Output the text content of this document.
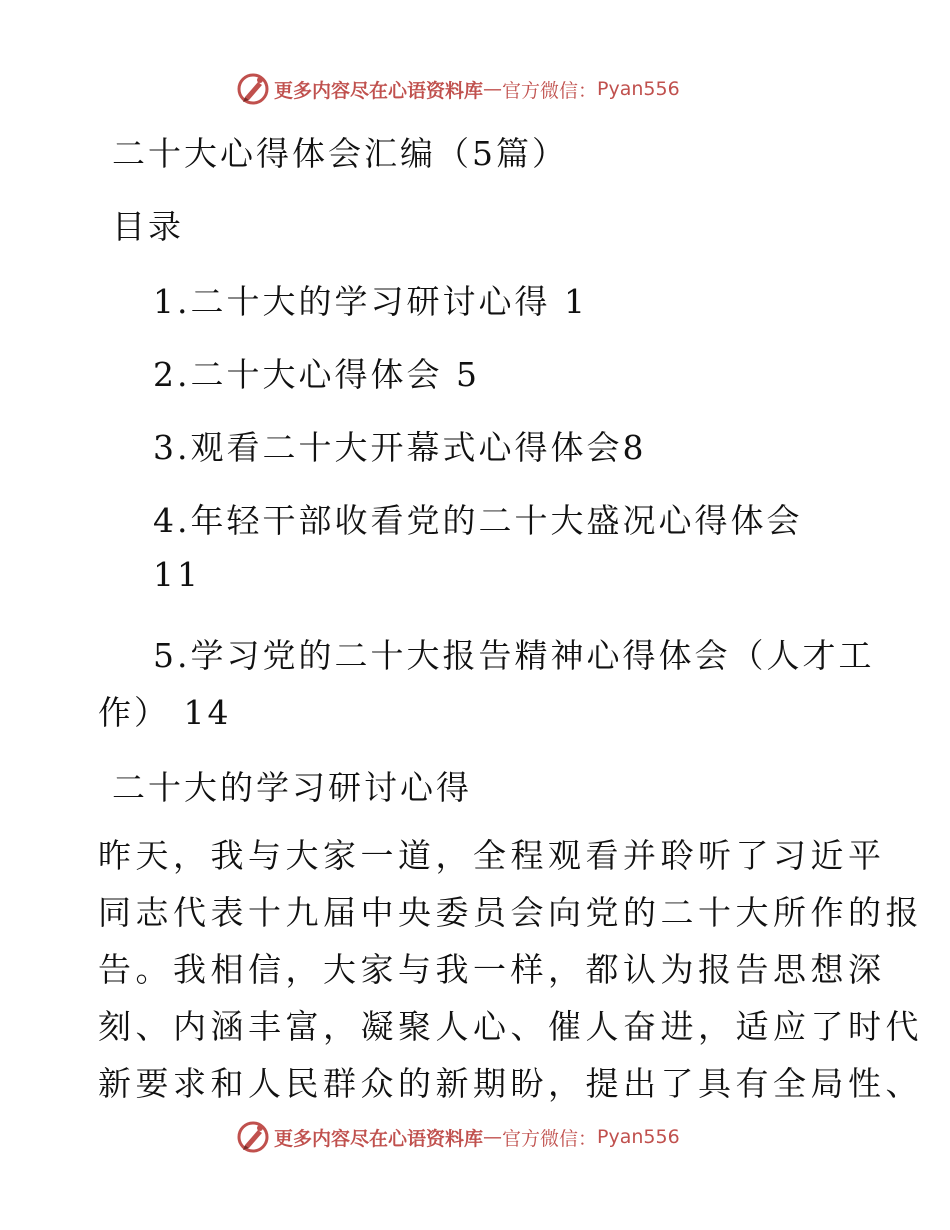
更多内容尽在心语资料库 — 官方微信： Pyan556
二十大心得体会汇编（5篇）
目录
1.二十大的学习研讨心得 1
2.二十大心得体会 5
3.观看二十大开幕式心得体会8
4.年轻干部收看党的二十大盛况心得体会
11
5.学习党的二十大报告精神心得体会（人才工
作） 14
二十大的学习研讨心得
昨天，我与大家一道，全程观看并聆听了习近平
同志代表十九届中央委员会向党的二十大所作的报
告。我相信，大家与我一样，都认为报告思想深
刻、内涵丰富，凝聚人心、催人奋进，适应了时代
新要求和人民群众的新期盼，提出了具有全局性、
更多内容尽在心语资料库 — 官方微信： Pyan556
